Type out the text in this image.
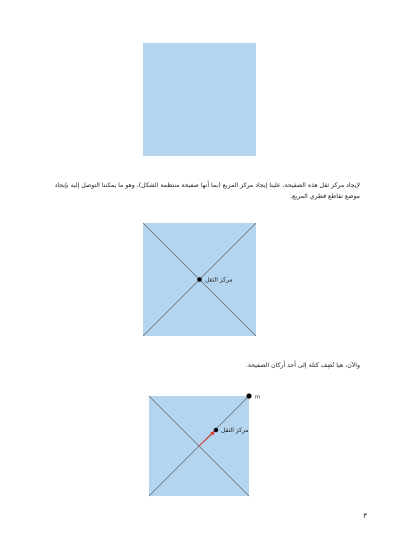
لإيجاد مركز ثقل هذه الصفيحة، علينا إيجاد مركز المربع (بما أنها صفيحة منتظمة الشكل)، وهو ما يمكننا التوصل إليه بإيجاد موضع تقاطع قطري المربع.

مركز الثقل

والآن، هيا نُضِف كتلة إلى أحد أركان الصفيحة.

m
مركز الثقل
٣
